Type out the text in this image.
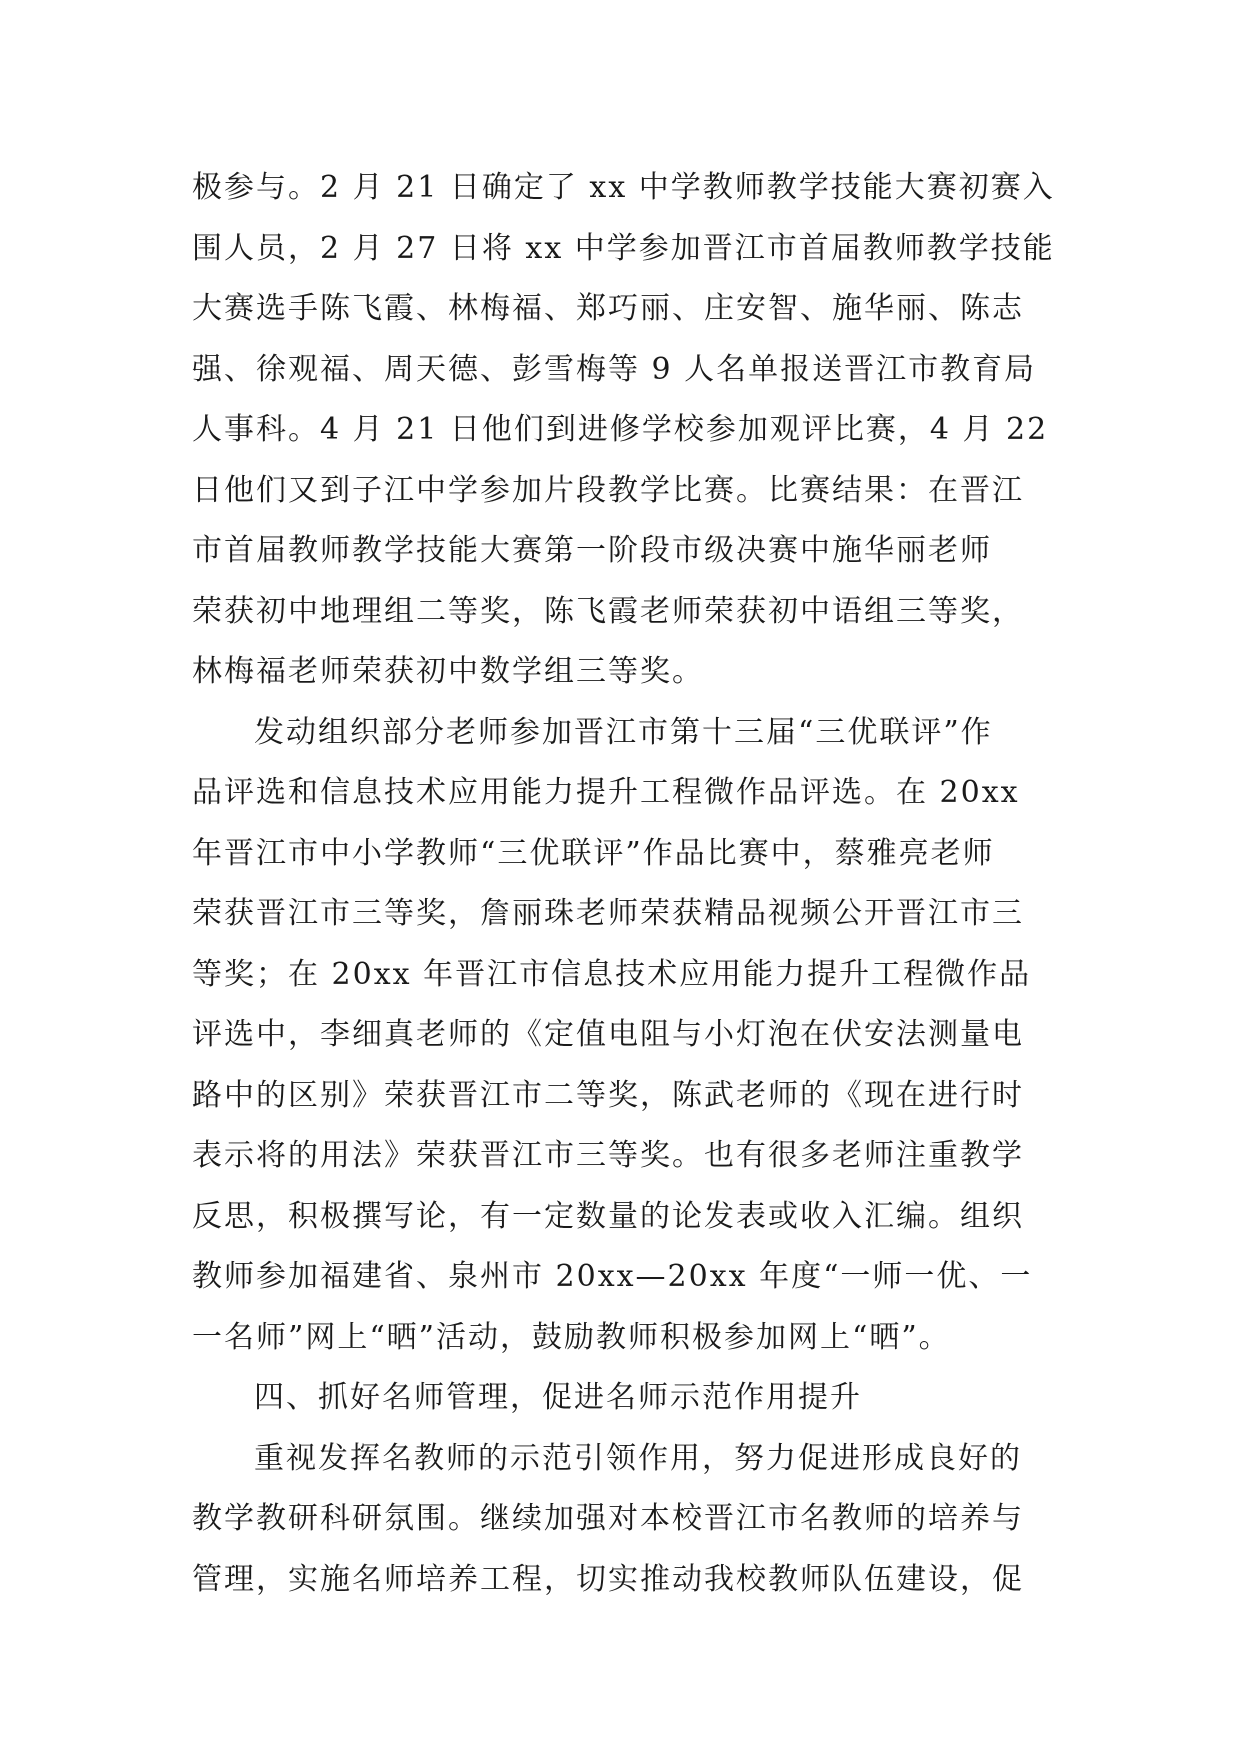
极参与。2 月 21 日确定了 xx 中学教师教学技能大赛初赛入
围人员，2 月 27 日将 xx 中学参加晋江市首届教师教学技能
大赛选手陈飞霞、林梅福、郑巧丽、庄安智、施华丽、陈志
强、徐观福、周天德、彭雪梅等 9 人名单报送晋江市教育局
人事科。4 月 21 日他们到进修学校参加观评比赛，4 月 22
日他们又到子江中学参加片段教学比赛。比赛结果：在晋江
市首届教师教学技能大赛第一阶段市级决赛中施华丽老师
荣获初中地理组二等奖，陈飞霞老师荣获初中语组三等奖，
林梅福老师荣获初中数学组三等奖。
发动组织部分老师参加晋江市第十三届“三优联评”作
品评选和信息技术应用能力提升工程微作品评选。在 20xx
年晋江市中小学教师“三优联评”作品比赛中，蔡雅亮老师
荣获晋江市三等奖，詹丽珠老师荣获精品视频公开晋江市三
等奖；在 20xx 年晋江市信息技术应用能力提升工程微作品
评选中，李细真老师的《定值电阻与小灯泡在伏安法测量电
路中的区别》荣获晋江市二等奖，陈武老师的《现在进行时
表示将的用法》荣获晋江市三等奖。也有很多老师注重教学
反思，积极撰写论，有一定数量的论发表或收入汇编。组织
教师参加福建省、泉州市 20xx—20xx 年度“一师一优、一
一名师”网上“晒”活动，鼓励教师积极参加网上“晒”。
四、抓好名师管理，促进名师示范作用提升
重视发挥名教师的示范引领作用，努力促进形成良好的
教学教研科研氛围。继续加强对本校晋江市名教师的培养与
管理，实施名师培养工程，切实推动我校教师队伍建设，促
